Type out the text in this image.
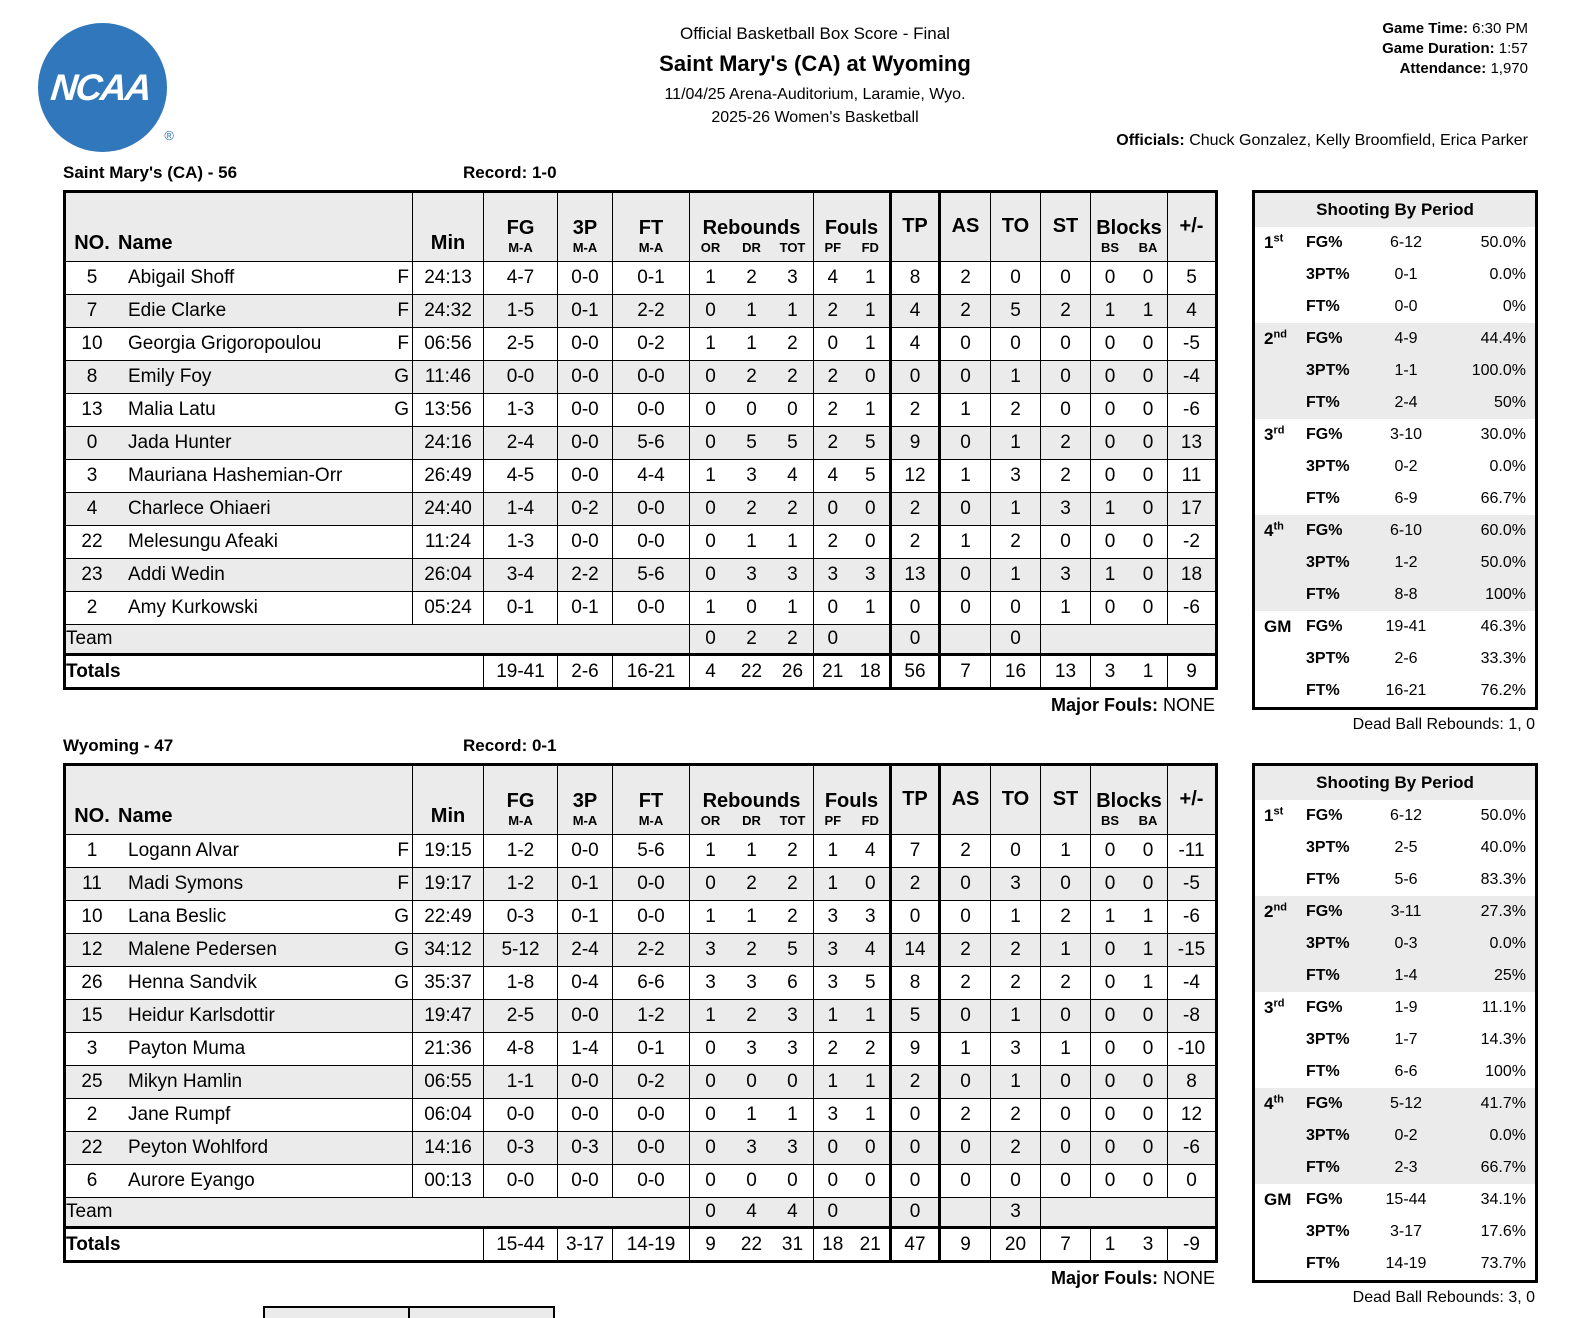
NCAA
®
Official Basketball Box Score - Final
Saint Mary's (CA) at Wyoming
11/04/25 Arena-Auditorium, Laramie, Wyo.
2025-26 Women's Basketball
Game Time: 6:30 PM
Game Duration: 1:57
Attendance: 1,970
Officials: Chuck Gonzalez, Kelly Broomfield, Erica Parker
Saint Mary's (CA) - 56	Record: 1-0
NO. Name	Min

FG
M-A

3P
M-A

FT
M-A

Rebounds
OR	DR	TOT

Fouls
PF	FD

TP	AS	TO	ST	Blocks
BS	BA

+/-

5 Abigail Shoff F	24:13	4-7	0-0	0-1	1 2 3	4 1	8	2	0	0	0 0	5
7 Edie Clarke F	24:32	1-5	0-1	2-2	0 1 1	2 1	4	2	5	2	1 1	4
10 Georgia Grigoropoulou F	06:56	2-5	0-0	0-2	1 1 2	0 1	4	0	0	0	0 0	-5
8 Emily Foy G	11:46	0-0	0-0	0-0	0 2 2	2 0	0	0	1	0	0 0	-4
13 Malia Latu G	13:56	1-3	0-0	0-0	0 0 0	2 1	2	1	2	0	0 0	-6
0 Jada Hunter	24:16	2-4	0-0	5-6	0 5 5	2 5	9	0	1	2	0 0	13
3 Mauriana Hashemian-Orr	26:49	4-5	0-0	4-4	1 3 4	4 5	12	1	3	2	0 0	11
4 Charlece Ohiaeri	24:40	1-4	0-2	0-0	0 2 2	0 0	2	0	1	3	1 0	17
22 Melesungu Afeaki	11:24	1-3	0-0	0-0	0 1 1	2 0	2	1	2	0	0 0	-2
23 Addi Wedin	26:04	3-4	2-2	5-6	0 3 3	3 3	13	0	1	3	1 0	18
2 Amy Kurkowski	05:24	0-1	0-1	0-0	1 0 1	0 1	0	0	0	1	0 0	-6
Team					0 2 2	0	0		0			
Totals		19-41	2-6	16-21	4 22 26	21 18	56	7	16	13	3 1	9
Major Fouls: NONE
Shooting By Period
1st	FG%	6-12	50.0%
3PT%	0-1	0.0%
FT%	0-0	0%
2nd	FG%	4-9	44.4%
3PT%	1-1	100.0%
FT%	2-4	50%
3rd	FG%	3-10	30.0%
3PT%	0-2	0.0%
FT%	6-9	66.7%
4th	FG%	6-10	60.0%
3PT%	1-2	50.0%
FT%	8-8	100%
GM FG%	19-41	46.3%
3PT%	2-6	33.3%
FT%	16-21	76.2%
Dead Ball Rebounds: 1, 0
Wyoming - 47	Record: 0-1
NO. Name	Min

FG
M-A

3P
M-A

FT
M-A

Rebounds
OR	DR	TOT

Fouls
PF	FD

TP	AS	TO	ST	Blocks
BS	BA

+/-

1 Logann Alvar F	19:15	1-2	0-0	5-6	1 1 2	1 4	7	2	0	1	0 0	-11
11 Madi Symons F	19:17	1-2	0-1	0-0	0 2 2	1 0	2	0	3	0	0 0	-5
10 Lana Beslic G	22:49	0-3	0-1	0-0	1 1 2	3 3	0	0	1	2	1 1	-6
12 Malene Pedersen G	34:12	5-12	2-4	2-2	3 2 5	3 4	14	2	2	1	0 1	-15
26 Henna Sandvik G	35:37	1-8	0-4	6-6	3 3 6	3 5	8	2	2	2	0 1	-4
15 Heidur Karlsdottir	19:47	2-5	0-0	1-2	1 2 3	1 1	5	0	1	0	0 0	-8
3 Payton Muma	21:36	4-8	1-4	0-1	0 3 3	2 2	9	1	3	1	0 0	-10
25 Mikyn Hamlin	06:55	1-1	0-0	0-2	0 0 0	1 1	2	0	1	0	0 0	8
2 Jane Rumpf	06:04	0-0	0-0	0-0	0 1 1	3 1	0	2	2	0	0 0	12
22 Peyton Wohlford	14:16	0-3	0-3	0-0	0 3 3	0 0	0	0	2	0	0 0	-6
6 Aurore Eyango	00:13	0-0	0-0	0-0	0 0 0	0 0	0	0	0	0	0 0	0
Team					0 4 4	0	0		3			
Totals		15-44	3-17	14-19	9 22 31	18 21	47	9	20	7	1 3	-9
Major Fouls: NONE
Shooting By Period
1st	FG%	6-12	50.0%
3PT%	2-5	40.0%
FT%	5-6	83.3%
2nd	FG%	3-11	27.3%
3PT%	0-3	0.0%
FT%	1-4	25%
3rd	FG%	1-9	11.1%
3PT%	1-7	14.3%
FT%	6-6	100%
4th	FG%	5-12	41.7%
3PT%	0-2	0.0%
FT%	2-3	66.7%
GM FG%	15-44	34.1%
3PT%	3-17	17.6%
FT%	14-19	73.7%
Dead Ball Rebounds: 3, 0
